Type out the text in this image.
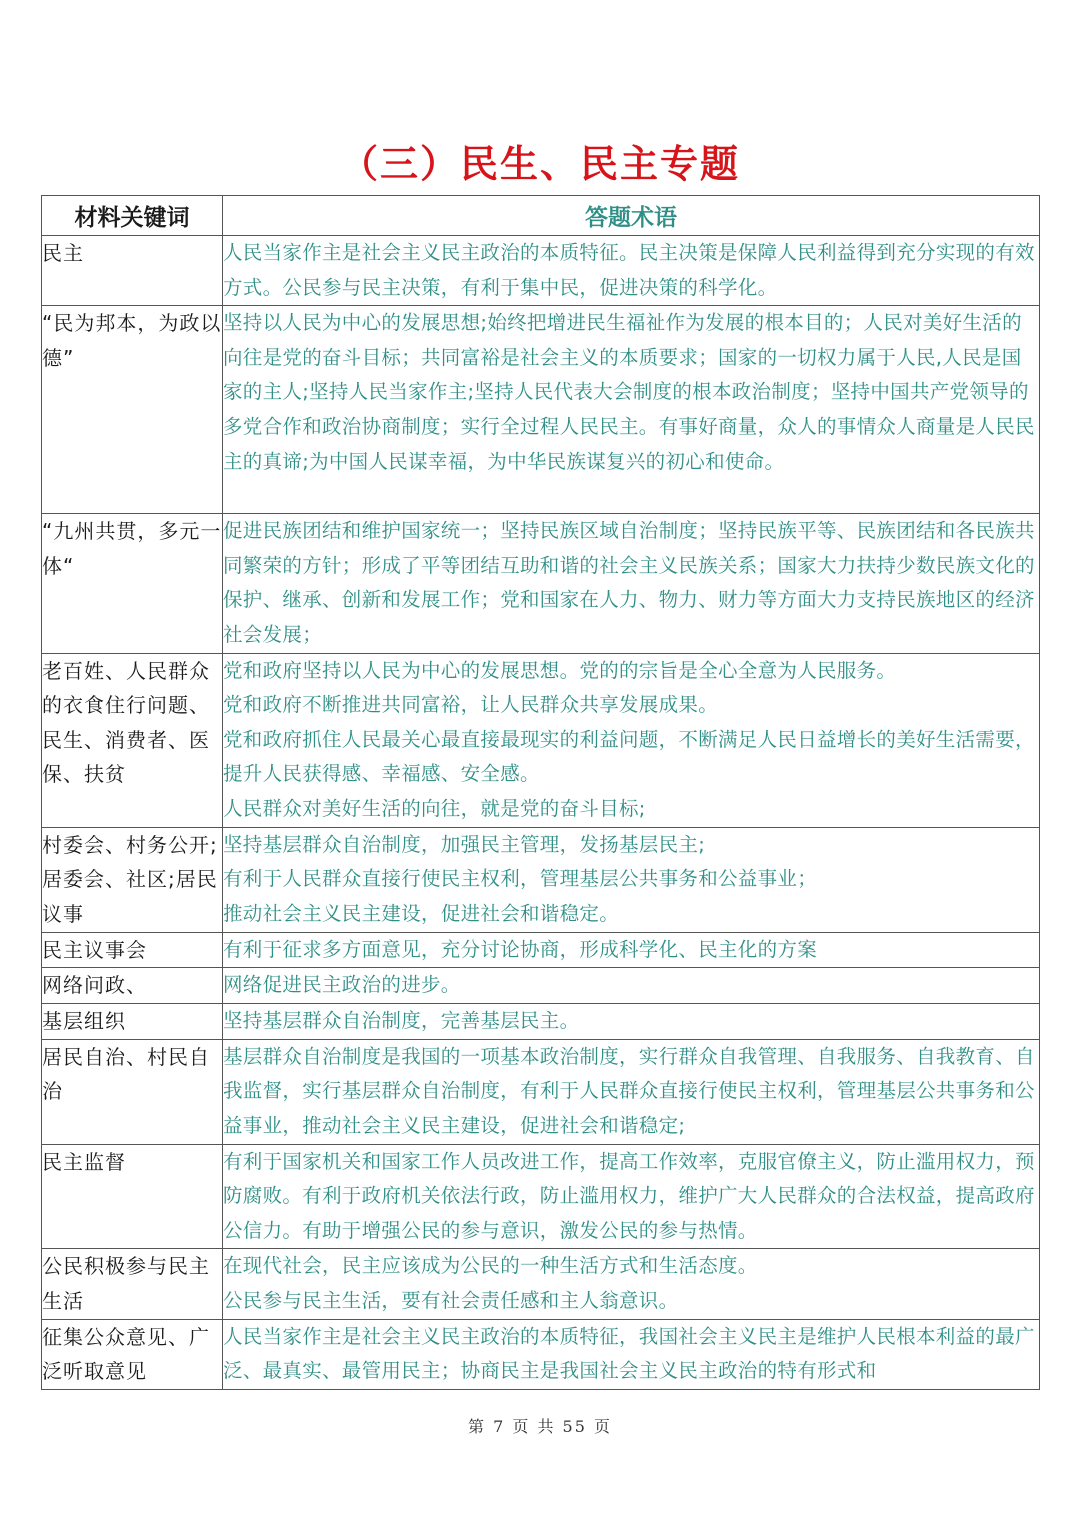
（三）民生、民主专题
材料关键词	答题术语
民主	人民当家作主是社会主义民主政治的本质特征。民主决策是保障人民利益得到充分实现的有效方式。公民参与民主决策，有利于集中民，促进决策的科学化。
“民为邦本，为政以德”	坚持以人民为中心的发展思想;始终把增进民生福祉作为发展的根本目的；人民对美好生活的向往是党的奋斗目标；共同富裕是社会主义的本质要求；国家的一切权力属于人民,人民是国家的主人;坚持人民当家作主;坚持人民代表大会制度的根本政治制度；坚持中国共产党领导的多党合作和政治协商制度；实行全过程人民民主。有事好商量，众人的事情众人商量是人民民主的真谛;为中国人民谋幸福，为中华民族谋复兴的初心和使命。
“九州共贯，多元一体“	促进民族团结和维护国家统一；坚持民族区域自治制度；坚持民族平等、民族团结和各民族共同繁荣的方针；形成了平等团结互助和谐的社会主义民族关系；国家大力扶持少数民族文化的保护、继承、创新和发展工作；党和国家在人力、物力、财力等方面大力支持民族地区的经济社会发展；
老百姓、人民群众的衣食住行问题、民生、消费者、医保、扶贫	党和政府坚持以人民为中心的发展思想。党的的宗旨是全心全意为人民服务。
党和政府不断推进共同富裕，让人民群众共享发展成果。
党和政府抓住人民最关心最直接最现实的利益问题，不断满足人民日益增长的美好生活需要，提升人民获得感、幸福感、安全感。
人民群众对美好生活的向往，就是党的奋斗目标;
村委会、村务公开;居委会、社区;居民议事	坚持基层群众自治制度，加强民主管理，发扬基层民主;
有利于人民群众直接行使民主权利，管理基层公共事务和公益事业；
推动社会主义民主建设，促进社会和谐稳定。
民主议事会	有利于征求多方面意见，充分讨论协商，形成科学化、民主化的方案
网络问政、	网络促进民主政治的进步。
基层组织	坚持基层群众自治制度，完善基层民主。
居民自治、村民自治	基层群众自治制度是我国的一项基本政治制度，实行群众自我管理、自我服务、自我教育、自我监督，实行基层群众自治制度，有利于人民群众直接行使民主权利，管理基层公共事务和公益事业，推动社会主义民主建设，促进社会和谐稳定;
民主监督	有利于国家机关和国家工作人员改进工作，提高工作效率，克服官僚主义，防止滥用权力，预防腐败。有利于政府机关依法行政，防止滥用权力，维护广大人民群众的合法权益，提高政府公信力。有助于增强公民的参与意识，激发公民的参与热情。
公民积极参与民主生活	在现代社会，民主应该成为公民的一种生活方式和生活态度。
公民参与民主生活，要有社会责任感和主人翁意识。
征集公众意见、广泛听取意见	人民当家作主是社会主义民主政治的本质特征，我国社会主义民主是维护人民根本利益的最广泛、最真实、最管用民主；协商民主是我国社会主义民主政治的特有形式和
第 7 页 共 55 页
